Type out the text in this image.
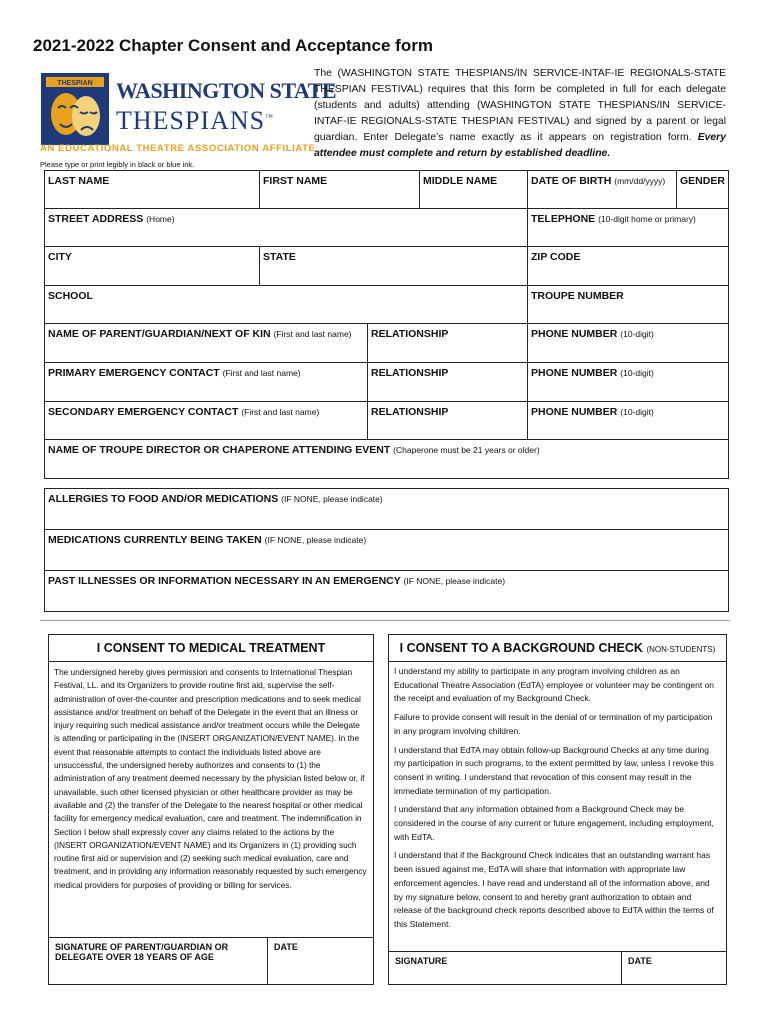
2021-2022 Chapter Consent and Acceptance form
THESPIAN WASHINGTON STATE
THESPIANS™
AN EDUCATIONAL THEATRE ASSOCIATION AFFILIATE
The (WASHINGTON STATE THESPIANS/IN SERVICE-INTAF-IE REGIONALS-STATE THESPIAN FESTIVAL) requires that this form be completed in full for each delegate (students and adults) attending (WASHINGTON STATE THESPIANS/IN SERVICE-INTAF-IE REGIONALS-STATE THESPIAN FESTIVAL) and signed by a parent or legal guardian. Enter Delegate’s name exactly as it appears on registration form. Every attendee must complete and return by established deadline.
Please type or print legibly in black or blue ink.
LAST NAME	FIRST NAME	MIDDLE NAME	DATE OF BIRTH (mm/dd/yyyy)	GENDER
STREET ADDRESS (Home)	TELEPHONE (10-digit home or primary)
CITY	STATE	ZIP CODE
SCHOOL	TROUPE NUMBER
NAME OF PARENT/GUARDIAN/NEXT OF KIN (First and last name)	RELATIONSHIP	PHONE NUMBER (10-digit)
PRIMARY EMERGENCY CONTACT (First and last name)	RELATIONSHIP	PHONE NUMBER (10-digit)
SECONDARY EMERGENCY CONTACT (First and last name)	RELATIONSHIP	PHONE NUMBER (10-digit)
NAME OF TROUPE DIRECTOR OR CHAPERONE ATTENDING EVENT (Chaperone must be 21 years or older)
ALLERGIES TO FOOD AND/OR MEDICATIONS (IF NONE, please indicate)
MEDICATIONS CURRENTLY BEING TAKEN (IF NONE, please indicate)
PAST ILLNESSES OR INFORMATION NECESSARY IN AN EMERGENCY (IF NONE, please indicate)
I CONSENT TO MEDICAL TREATMENT
The undersigned hereby gives permission and consents to International Thespian Festival, LL. and its Organizers to provide routine first aid, supervise the self-administration of over-the-counter and prescription medications and to seek medical assistance and/or treatment on behalf of the Delegate in the event that an illness or injury requiring such medical assistance and/or treatment occurs while the Delegate is attending or participating in the (INSERT ORGANIZATION/EVENT NAME). In the event that reasonable attempts to contact the individuals listed above are unsuccessful, the undersigned hereby authorizes and consents to (1) the administration of any treatment deemed necessary by the physician listed below or, if unavailable, such other licensed physician or other healthcare provider as may be available and (2) the transfer of the Delegate to the nearest hospital or other medical facility for emergency medical evaluation, care and treatment. The indemnification in Section I below shall expressly cover any claims related to the actions by the (INSERT ORGANIZATION/EVENT NAME) and its Organizers in (1) providing such routine first aid or supervision and (2) seeking such medical evaluation, care and treatment, and in providing any information reasonably requested by such emergency medical providers for purposes of providing or billing for services.
SIGNATURE OF PARENT/GUARDIAN OR DELEGATE OVER 18 YEARS OF AGE
DATE
I CONSENT TO A BACKGROUND CHECK (NON-STUDENTS)

I understand my ability to participate in any program involving children as an Educational Theatre Association (EdTA) employee or volunteer may be contingent on the receipt and evaluation of my Background Check.

Failure to provide consent will result in the denial of or termination of my participation in any program involving children.

I understand that EdTA may obtain follow-up Background Checks at any time during my participation in such programs, to the extent permitted by law, unless I revoke this consent in writing. I understand that revocation of this consent may result in the immediate termination of my participation.

I understand that any information obtained from a Background Check may be considered in the course of any current or future engagement, including employment, with EdTA.

I understand that if the Background Check indicates that an outstanding warrant has been issued against me, EdTA will share that information with appropriate law enforcement agencies. I have read and understand all of the information above, and by my signature below, consent to and hereby grant authorization to obtain and release of the background check reports described above to EdTA within the terms of this Statement.

SIGNATURE	DATE
